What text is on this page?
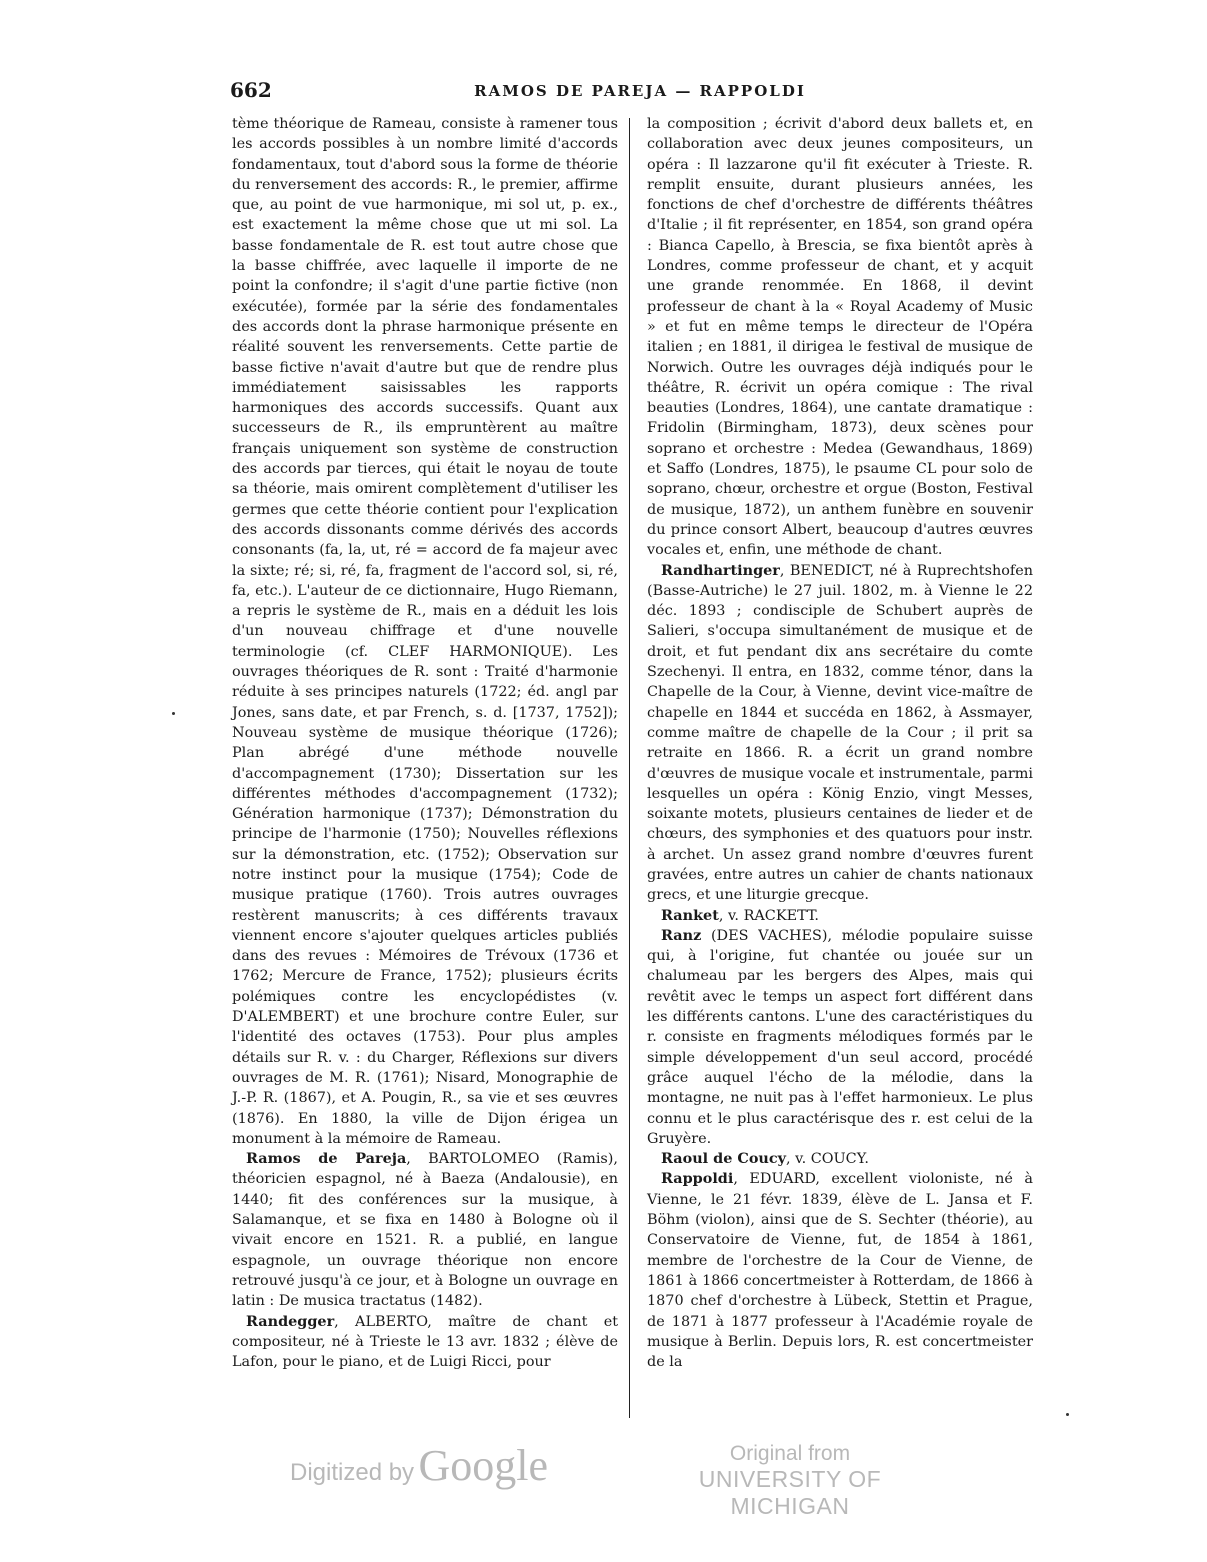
662	RAMOS DE PAREJA — RAPPOLDI

tème théorique de Rameau, consiste à ramener tous les accords possibles à un nombre limité d'accords fondamentaux, tout d'abord sous la forme de théorie du renversement des accords: R., le premier, affirme que, au point de vue harmonique, mi sol ut, p. ex., est exactement la même chose que ut mi sol. La basse fondamentale de R. est tout autre chose que la basse chiffrée, avec laquelle il importe de ne point la confondre; il s'agit d'une partie fictive (non exécutée), formée par la série des fondamentales des accords dont la phrase harmonique présente en réalité souvent les renversements. Cette partie de basse fictive n'avait d'autre but que de rendre plus immédiatement saisissables les rapports harmoniques des accords successifs. Quant aux successeurs de R., ils empruntèrent au maître français uniquement son système de construction des accords par tierces, qui était le noyau de toute sa théorie, mais omirent complètement d'utiliser les germes que cette théorie contient pour l'explication des accords dissonants comme dérivés des accords consonants (fa, la, ut, ré = accord de fa majeur avec la sixte; ré; si, ré, fa, fragment de l'accord sol, si, ré, fa, etc.). L'auteur de ce dictionnaire, Hugo Riemann, a repris le système de R., mais en a déduit les lois d'un nouveau chiffrage et d'une nouvelle terminologie (cf. CLEF HARMONIQUE). Les ouvrages théoriques de R. sont : Traité d'harmonie réduite à ses principes naturels (1722; éd. angl par Jones, sans date, et par French, s. d. [1737, 1752]); Nouveau système de musique théorique (1726); Plan abrégé d'une méthode nouvelle d'accompagnement (1730); Dissertation sur les différentes méthodes d'accompagnement (1732); Génération harmonique (1737); Démonstration du principe de l'harmonie (1750); Nouvelles réflexions sur la démonstration, etc. (1752); Observation sur notre instinct pour la musique (1754); Code de musique pratique (1760). Trois autres ouvrages restèrent manuscrits; à ces différents travaux viennent encore s'ajouter quelques articles publiés dans des revues : Mémoires de Trévoux (1736 et 1762; Mercure de France, 1752); plusieurs écrits polémiques contre les encyclopédistes (v. D'ALEMBERT) et une brochure contre Euler, sur l'identité des octaves (1753). Pour plus amples détails sur R. v. : du Charger, Réflexions sur divers ouvrages de M. R. (1761); Nisard, Monographie de J.-P. R. (1867), et A. Pougin, R., sa vie et ses œuvres (1876). En 1880, la ville de Dijon érigea un monument à la mémoire de Rameau.

Ramos de Pareja, BARTOLOMEO (Ramis), théoricien espagnol, né à Baeza (Andalousie), en 1440; fit des conférences sur la musique, à Salamanque, et se fixa en 1480 à Bologne où il vivait encore en 1521. R. a publié, en langue espagnole, un ouvrage théorique non encore retrouvé jusqu'à ce jour, et à Bologne un ouvrage en latin : De musica tractatus (1482).

Randegger, ALBERTO, maître de chant et compositeur, né à Trieste le 13 avr. 1832 ; élève de Lafon, pour le piano, et de Luigi Ricci, pour

la composition ; écrivit d'abord deux ballets et, en collaboration avec deux jeunes compositeurs, un opéra : Il lazzarone qu'il fit exécuter à Trieste. R. remplit ensuite, durant plusieurs années, les fonctions de chef d'orchestre de différents théâtres d'Italie ; il fit représenter, en 1854, son grand opéra : Bianca Capello, à Brescia, se fixa bientôt après à Londres, comme professeur de chant, et y acquit une grande renommée. En 1868, il devint professeur de chant à la « Royal Academy of Music » et fut en même temps le directeur de l'Opéra italien ; en 1881, il dirigea le festival de musique de Norwich. Outre les ouvrages déjà indiqués pour le théâtre, R. écrivit un opéra comique : The rival beauties (Londres, 1864), une cantate dramatique : Fridolin (Birmingham, 1873), deux scènes pour soprano et orchestre : Medea (Gewandhaus, 1869) et Saffo (Londres, 1875), le psaume CL pour solo de soprano, chœur, orchestre et orgue (Boston, Festival de musique, 1872), un anthem funèbre en souvenir du prince consort Albert, beaucoup d'autres œuvres vocales et, enfin, une méthode de chant.

Randhartinger, BENEDICT, né à Ruprechtshofen (Basse-Autriche) le 27 juil. 1802, m. à Vienne le 22 déc. 1893 ; condisciple de Schubert auprès de Salieri, s'occupa simultanément de musique et de droit, et fut pendant dix ans secrétaire du comte Szechenyi. Il entra, en 1832, comme ténor, dans la Chapelle de la Cour, à Vienne, devint vice-maître de chapelle en 1844 et succéda en 1862, à Assmayer, comme maître de chapelle de la Cour ; il prit sa retraite en 1866. R. a écrit un grand nombre d'œuvres de musique vocale et instrumentale, parmi lesquelles un opéra : König Enzio, vingt Messes, soixante motets, plusieurs centaines de lieder et de chœurs, des symphonies et des quatuors pour instr. à archet. Un assez grand nombre d'œuvres furent gravées, entre autres un cahier de chants nationaux grecs, et une liturgie grecque.

Ranket, v. RACKETT.

Ranz (DES VACHES), mélodie populaire suisse qui, à l'origine, fut chantée ou jouée sur un chalumeau par les bergers des Alpes, mais qui revêtit avec le temps un aspect fort différent dans les différents cantons. L'une des caractéristiques du r. consiste en fragments mélodiques formés par le simple développement d'un seul accord, procédé grâce auquel l'écho de la mélodie, dans la montagne, ne nuit pas à l'effet harmonieux. Le plus connu et le plus caractérisque des r. est celui de la Gruyère.

Raoul de Coucy, v. COUCY.

Rappoldi, EDUARD, excellent violoniste, né à Vienne, le 21 févr. 1839, élève de L. Jansa et F. Böhm (violon), ainsi que de S. Sechter (théorie), au Conservatoire de Vienne, fut, de 1854 à 1861, membre de l'orchestre de la Cour de Vienne, de 1861 à 1866 concertmeister à Rotterdam, de 1866 à 1870 chef d'orchestre à Lübeck, Stettin et Prague, de 1871 à 1877 professeur à l'Académie royale de musique à Berlin. Depuis lors, R. est concertmeister de la

Digitized by Google	Original from
UNIVERSITY OF MICHIGAN
